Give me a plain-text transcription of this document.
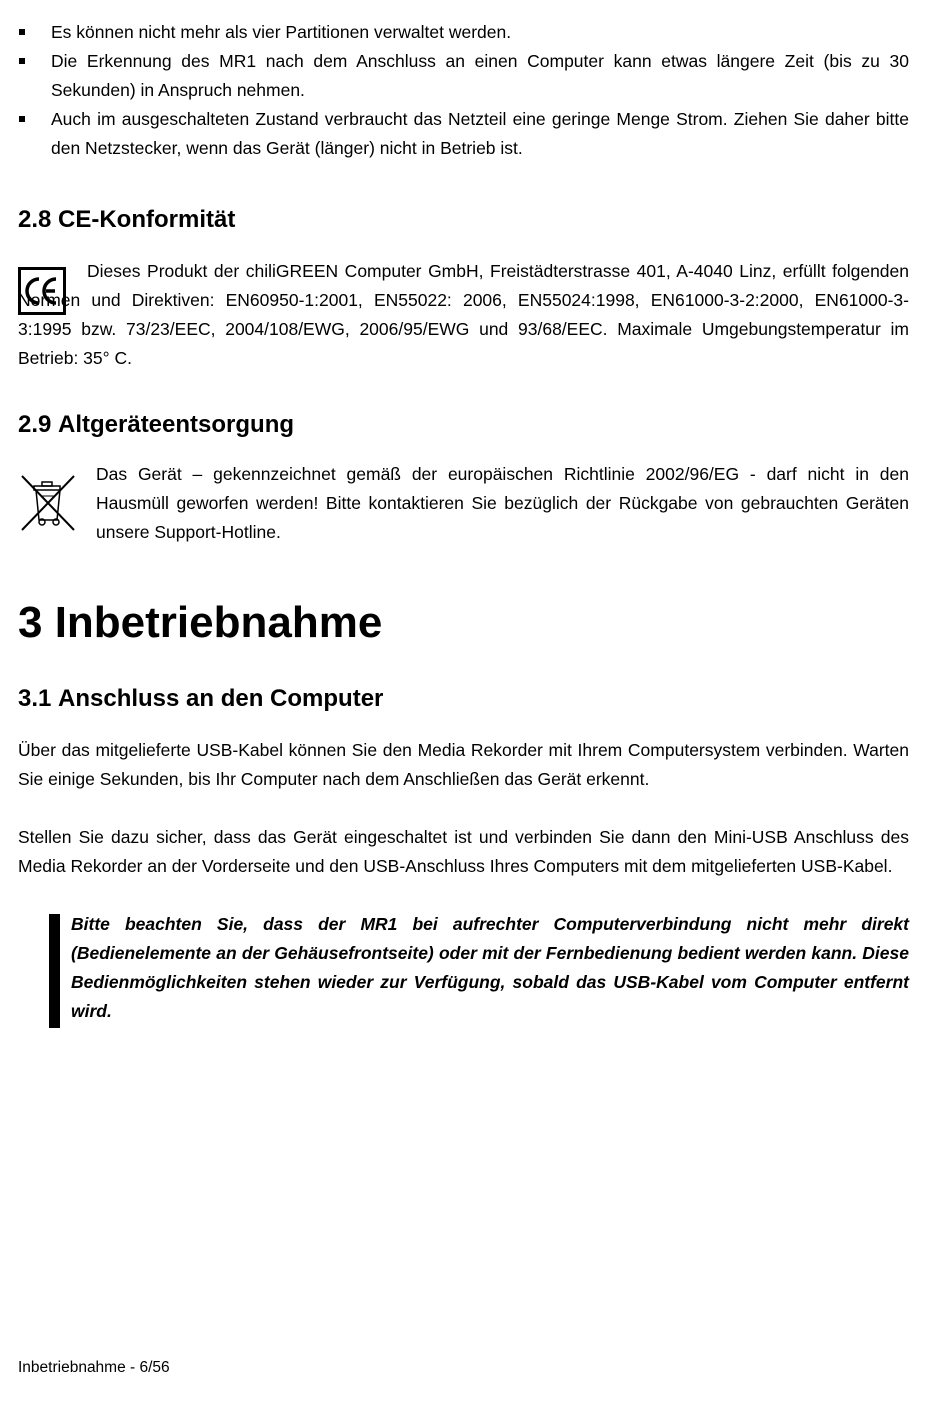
Es können nicht mehr als vier Partitionen verwaltet werden.
Die Erkennung des MR1 nach dem Anschluss an einen Computer kann etwas längere Zeit (bis zu 30 Sekunden) in Anspruch nehmen.
Auch im ausgeschalteten Zustand verbraucht das Netzteil eine geringe Menge Strom. Ziehen Sie daher bitte den Netzstecker, wenn das Gerät (länger) nicht in Betrieb ist.
2.8 CE-Konformität

Dieses Produkt der chiliGREEN Computer GmbH, Freistädterstrasse 401, A-4040 Linz, erfüllt folgenden Normen und Direktiven: EN60950-1:2001, EN55022: 2006, EN55024:1998, EN61000-3-2:2000, EN61000-3-3:1995 bzw. 73/23/EEC, 2004/108/EWG, 2006/95/EWG und 93/68/EEC. Maximale Umgebungstemperatur im Betrieb: 35° C.

2.9 Altgeräteentsorgung

Das Gerät – gekennzeichnet gemäß der europäischen Richtlinie 2002/96/EG - darf nicht in den Hausmüll geworfen werden! Bitte kontaktieren Sie bezüglich der Rückgabe von gebrauchten Geräten unsere Support-Hotline.

3 Inbetriebnahme
3.1 Anschluss an den Computer

Über das mitgelieferte USB-Kabel können Sie den Media Rekorder mit Ihrem Computersystem verbinden. Warten Sie einige Sekunden, bis Ihr Computer nach dem Anschließen das Gerät erkennt.

Stellen Sie dazu sicher, dass das Gerät eingeschaltet ist und verbinden Sie dann den Mini-USB Anschluss des Media Rekorder an der Vorderseite und den USB-Anschluss Ihres Computers mit dem mitgelieferten USB-Kabel.

Bitte beachten Sie, dass der MR1 bei aufrechter Computerverbindung nicht mehr direkt (Bedienelemente an der Gehäusefrontseite) oder mit der Fernbedienung bedient werden kann. Diese Bedienmöglichkeiten stehen wieder zur Verfügung, sobald das USB-Kabel vom Computer entfernt wird.

Inbetriebnahme - 6/56
